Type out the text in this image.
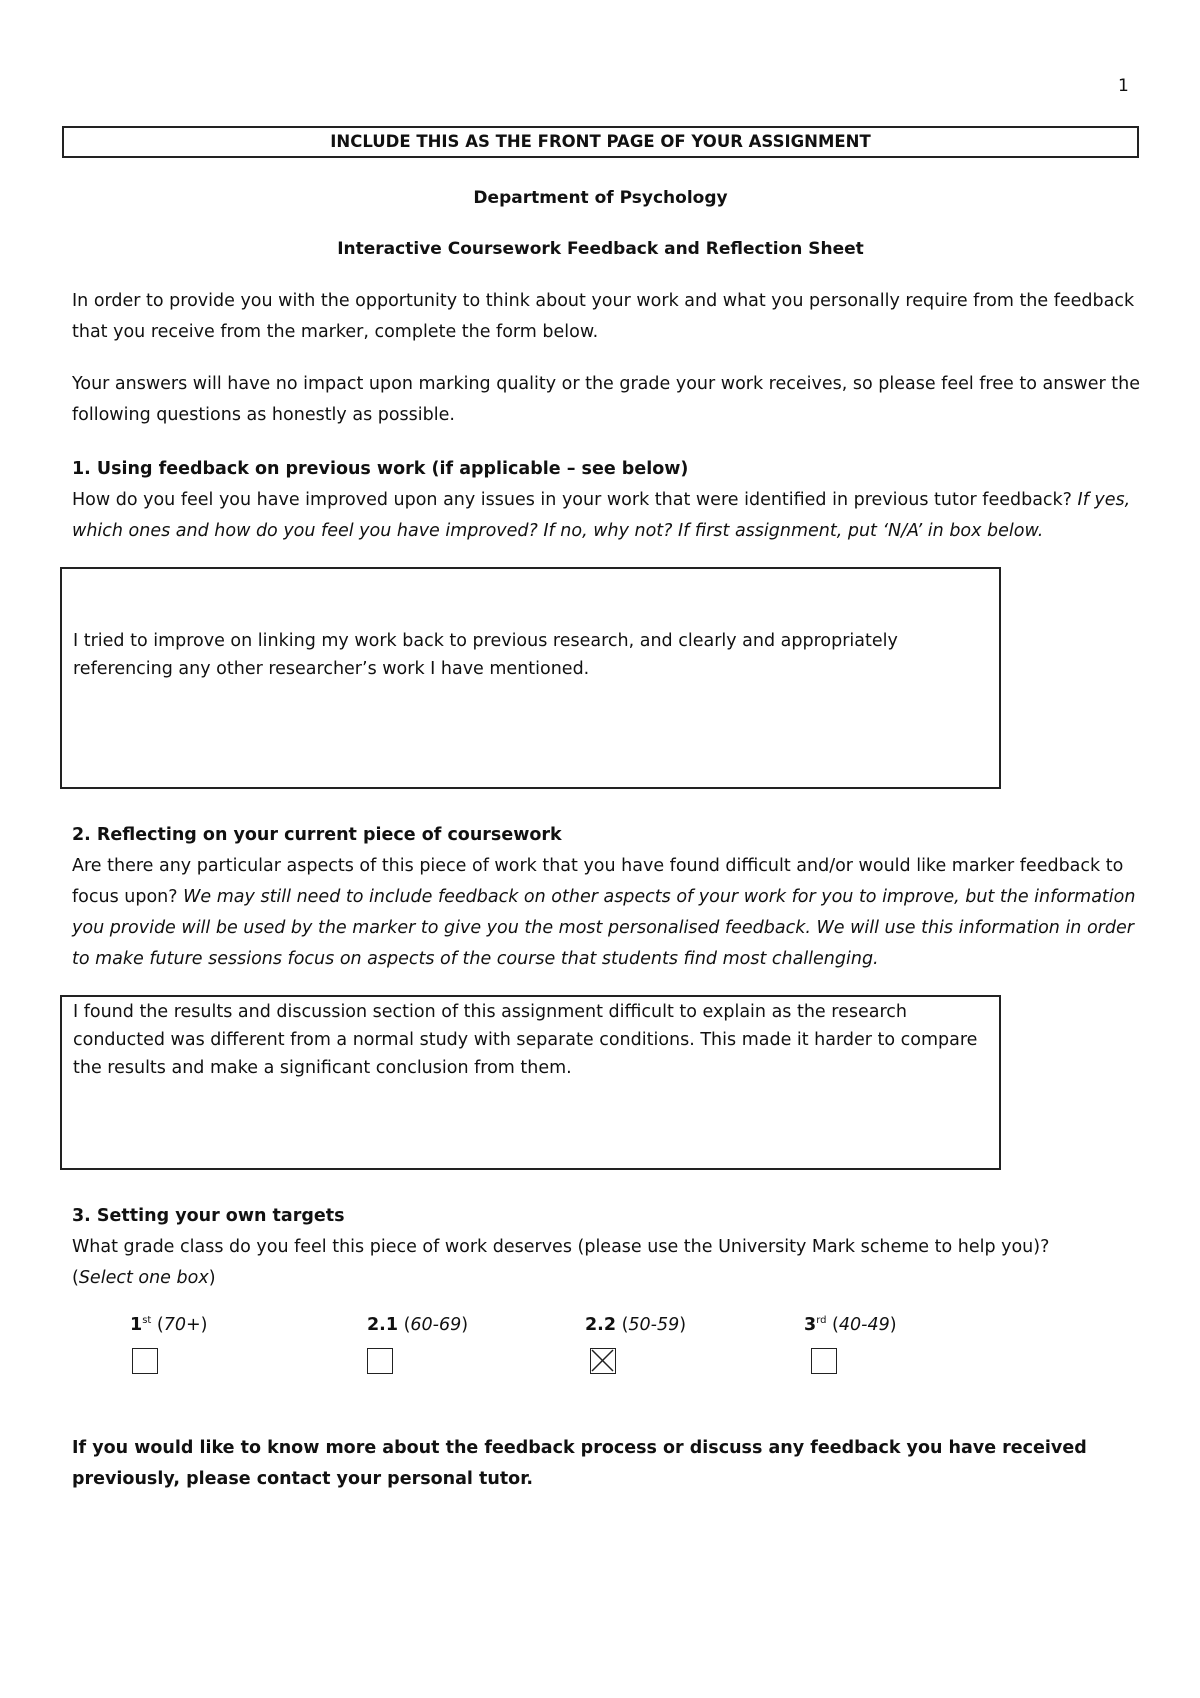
1
INCLUDE THIS AS THE FRONT PAGE OF YOUR ASSIGNMENT
Department of Psychology
Interactive Coursework Feedback and Reflection Sheet
In order to provide you with the opportunity to think about your work and what you personally require from the feedback that you receive from the marker, complete the form below.
Your answers will have no impact upon marking quality or the grade your work receives, so please feel free to answer the following questions as honestly as possible.
1. Using feedback on previous work (if applicable – see below)
How do you feel you have improved upon any issues in your work that were identified in previous tutor feedback? If yes, which ones and how do you feel you have improved? If no, why not? If first assignment, put ‘N/A’ in box below.
I tried to improve on linking my work back to previous research, and clearly and appropriately referencing any other researcher’s work I have mentioned.
2. Reflecting on your current piece of coursework
Are there any particular aspects of this piece of work that you have found difficult and/or would like marker feedback to focus upon? We may still need to include feedback on other aspects of your work for you to improve, but the information you provide will be used by the marker to give you the most personalised feedback. We will use this information in order to make future sessions focus on aspects of the course that students find most challenging.
I found the results and discussion section of this assignment difficult to explain as the research conducted was different from a normal study with separate conditions. This made it harder to compare the results and make a significant conclusion from them.
3. Setting your own targets
What grade class do you feel this piece of work deserves (please use the University Mark scheme to help you)?
(Select one box)
1st (70+)	2.1 (60-69)	2.2 (50-59)	3rd (40-49)
If you would like to know more about the feedback process or discuss any feedback you have received previously, please contact your personal tutor.
